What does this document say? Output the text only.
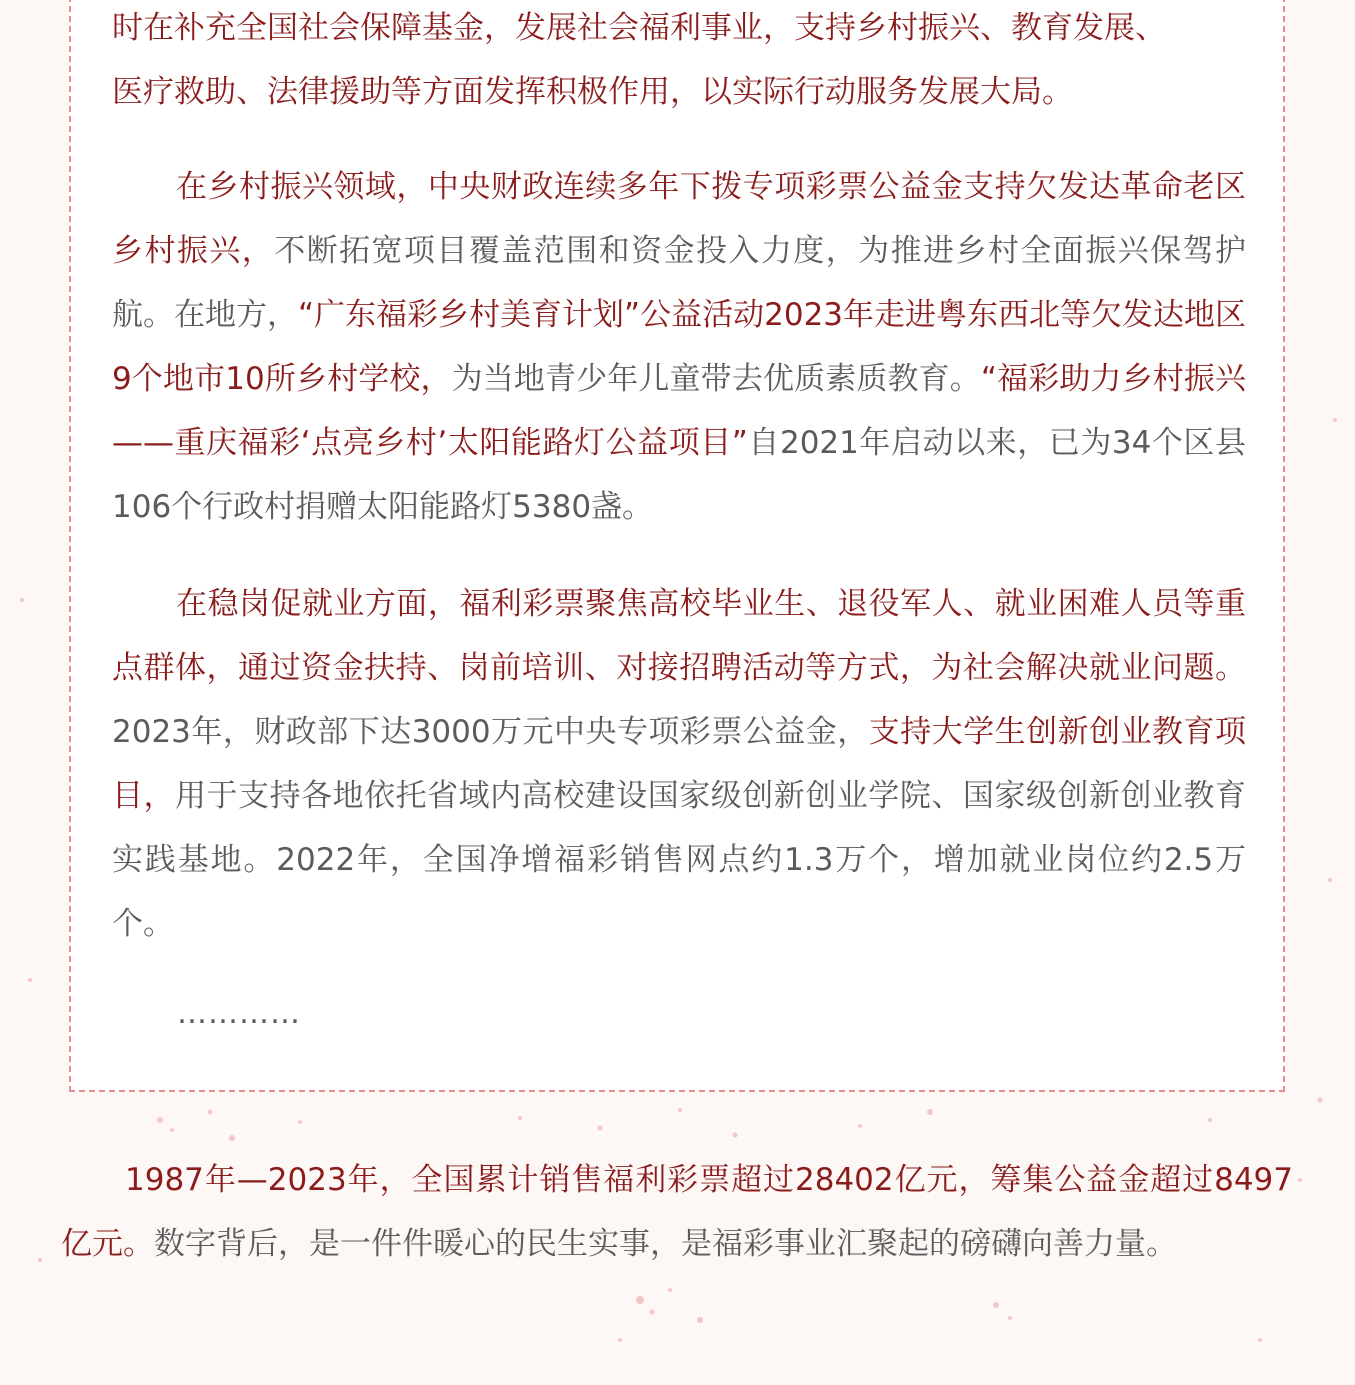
时在补充全国社会保障基金，发展社会福利事业，支持乡村振兴、教育发展、
医疗救助、法律援助等方面发挥积极作用，以实际行动服务发展大局。

在乡村振兴领域，中央财政连续多年下拨专项彩票公益金支持欠发达革命老区乡村振兴，不断拓宽项目覆盖范围和资金投入力度，为推进乡村全面振兴保驾护航。在地方，“广东福彩乡村美育计划”公益活动2023年走进粤东西北等欠发达地区9个地市10所乡村学校，为当地青少年儿童带去优质素质教育。“福彩助力乡村振兴——重庆福彩‘点亮乡村’太阳能路灯公益项目”自2021年启动以来，已为34个区县106个行政村捐赠太阳能路灯5380盏。

在稳岗促就业方面，福利彩票聚焦高校毕业生、退役军人、就业困难人员等重点群体，通过资金扶持、岗前培训、对接招聘活动等方式，为社会解决就业问题。2023年，财政部下达3000万元中央专项彩票公益金，支持大学生创新创业教育项目，用于支持各地依托省域内高校建设国家级创新创业学院、国家级创新创业教育实践基地。2022年，全国净增福彩销售网点约1.3万个，增加就业岗位约2.5万个。

…………

1987年—2023年，全国累计销售福利彩票超过28402亿元，筹集公益金超过8497亿元。数字背后，是一件件暖心的民生实事，是福彩事业汇聚起的磅礴向善力量。
